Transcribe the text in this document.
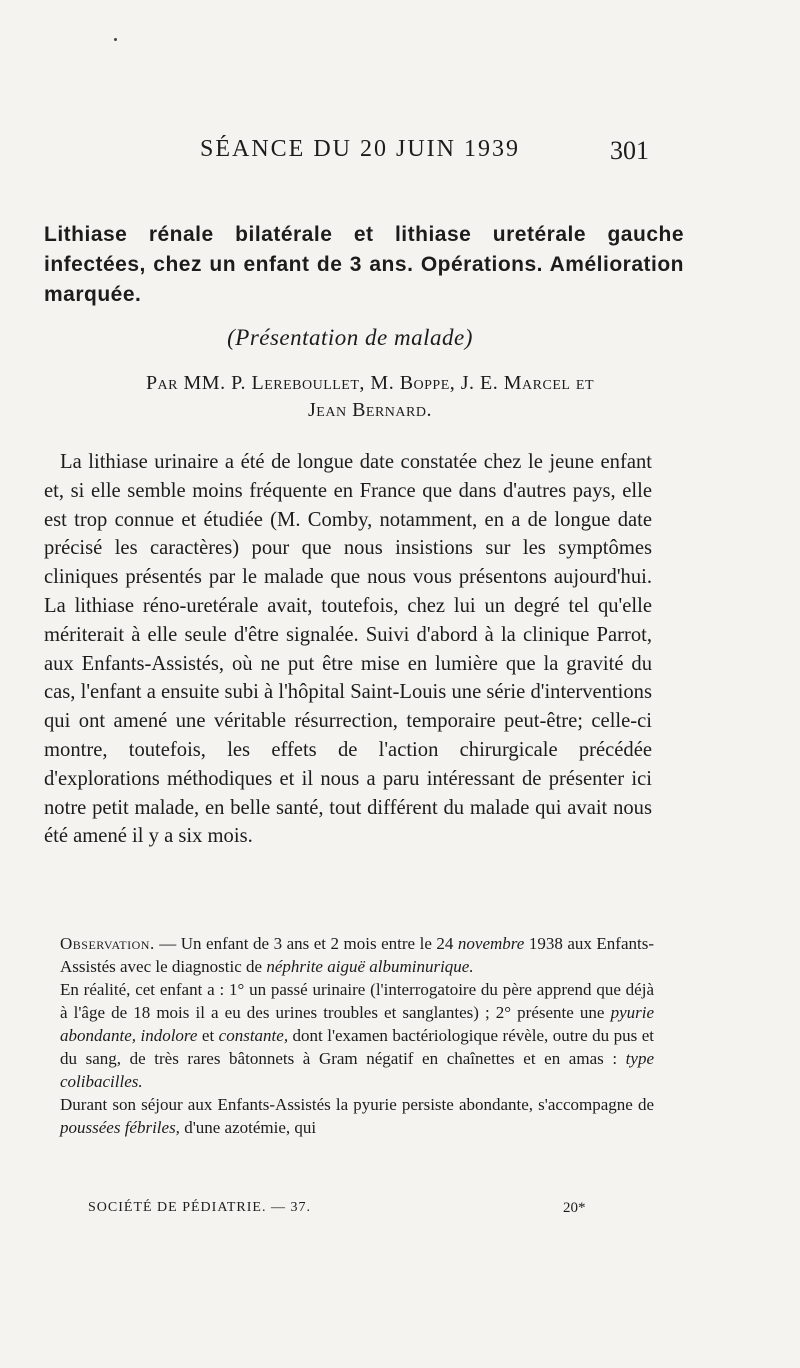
SÉANCE DU 20 JUIN 1939	301
Lithiase rénale bilatérale et lithiase uretérale gauche infectées, chez un enfant de 3 ans. Opérations. Amélioration marquée.
(Présentation de malade)
Par MM. P. Lereboullet, M. Boppe, J. E. Marcel et
Jean Bernard.

La lithiase urinaire a été de longue date constatée chez le jeune enfant et, si elle semble moins fréquente en France que dans d'autres pays, elle est trop connue et étudiée (M. Comby, notamment, en a de longue date précisé les caractères) pour que nous insistions sur les symptômes cliniques présentés par le malade que nous vous présentons aujourd'hui. La lithiase réno-uretérale avait, toutefois, chez lui un degré tel qu'elle mériterait à elle seule d'être signalée. Suivi d'abord à la clinique Parrot, aux Enfants-Assistés, où ne put être mise en lumière que la gravité du cas, l'enfant a ensuite subi à l'hôpital Saint-Louis une série d'interventions qui ont amené une véritable résurrection, temporaire peut-être; celle-ci montre, toutefois, les effets de l'action chirurgicale précédée d'explorations méthodiques et il nous a paru intéressant de présenter ici notre petit malade, en belle santé, tout différent du malade qui avait nous été amené il y a six mois.

Observation. — Un enfant de 3 ans et 2 mois entre le 24 novembre 1938 aux Enfants-Assistés avec le diagnostic de néphrite aiguë albuminurique.

En réalité, cet enfant a : 1° un passé urinaire (l'interrogatoire du père apprend que déjà à l'âge de 18 mois il a eu des urines troubles et sanglantes) ; 2° présente une pyurie abondante, indolore et constante, dont l'examen bactériologique révèle, outre du pus et du sang, de très rares bâtonnets à Gram négatif en chaînettes et en amas : type colibacilles.

Durant son séjour aux Enfants-Assistés la pyurie persiste abondante, s'accompagne de poussées fébriles, d'une azotémie, qui

SOCIÉTÉ DE PÉDIATRIE. — 37.	20*
